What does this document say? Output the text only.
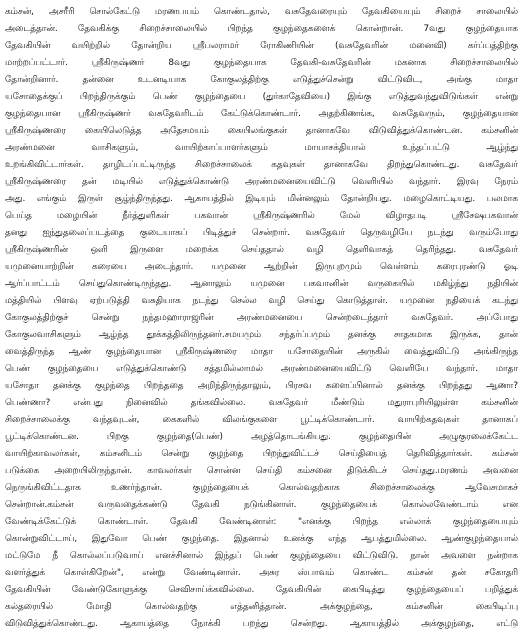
கம்சன், அசரீரி சொல்கேட்டு மரணபயம் கொண்டதால், வசுதேவரையும் தேவகியையும் சிறைச் சாலையில்
அடைத்தான். தேவகிக்கு சிறைச்சாலையில் பிறந்த குழந்தைகளைக் கொன்றான். 7வது குழந்தையாக
தேவகியின் வயிற்றில் தோன்றிய ஸ்ரீபலராமர் ரோகிணியின் (வசுதேவரின் மனைவி) கர்ப்பத்திற்கு
மாற்றப்பட்டார். ஸ்ரீகிருஷ்ணர் 8வது குழந்தையாக தேவகி-வசுதேவரின் மகனாக சிறைச்சாலையில்
தோன்றினார். தன்னை உடனடியாக கோகுலத்திற்கு எடுத்துச்சென்று விட்டுவிட, அங்கு மாதா
யசோதைக்குப் பிறந்திருக்கும் பெண் குழந்தையை (துர்காதேவியை) இங்கு எடுத்துவந்துவிடுங்கள் என்று
குழந்தையான ஸ்ரீகிருஷ்ணர் வசுதேவரிடம் கேட்டுக்கொண்டார். அதற்கிணங்க, வசுதேவரும், குழந்தையான
ஸ்ரீகிருஷ்ணரை கையிலெடுத்த அதேசமயம் கையிலங்குகள் தானாகவே விடுவித்துக்கொண்டன. கம்சனின்
அரண்மனை வாசிகளும், வாயிற்காப்பாளர்களும் மாயாசக்தியால் உந்தப்பட்டு ஆழ்ந்து
உறங்கிவிட்டார்கள். தாழிடப்பட்டிருந்த சிறைச்சாலைக் கதவுகள் தானாகவே திறந்துகொண்டது. வசுதேவர்
ஸ்ரீகிருஷ்ணரை தன் மடியில் எடுத்துக்கொண்டு அரண்மனையைவிட்டு வெளியில் வந்தார். இரவு நேரம்
அது. எங்கும் இருள் சூழ்ந்திருந்தது. ஆகாயத்தில் இடியும் மின்னலும் தோன்றியது. மழைகொட்டியது. பலமாக
பெய்த மழையின் நீர்த்துளிகள் பகவான் ஸ்ரீகிருஷ்ணரில் மேல் விழாதபடி ஸ்ரீசேஷபகவான்
தனது ஐந்துதலைப்படத்தை குடையாகப் பிடித்துச் சென்றார். வசுதேவர் தெருவழியே நடந்து வரும்போது
ஸ்ரீகிருஷ்ணரின் ஒளி இருளை மறைக்க செய்ததால் வழி தெளிவாகத் தெரிந்தது. வசுதேவர்
யமுனையாற்றின் கரையை அடைந்தார். யமுனை ஆற்றின் இருபுறமும் வெள்ளம் கரைபுரண்டு ஓடி
ஆர்ப்பாட்டம் செய்துகொண்டிருந்தது. ஆனாலும் யமுனை பகவானின் வருகையில் மகிழ்ந்து நதியின்
மத்தியில் பிளவு ஏற்படுத்தி வசுதியாக நடந்து செல்ல வழி செய்து கொடுத்தாள். யமுனை நதியைக் கடந்து
கோகுலத்திற்குச் சென்று நந்தமஹாராஜரின் அரண்மனையை சென்றடைந்தார் வசுதேவர். அப்போது
கோகுலவாசிகளும் ஆழ்ந்த தூக்கத்திலிருந்தனர்.சமயமும் சந்தர்ப்பமும் தனக்கு சாதகமாக இருக்க, தான்
வைத்திருந்த ஆண் குழந்தையான ஸ்ரீகிருஷ்ணரை மாதா யசோதையின் அருகில் வைத்துவிட்டு அங்கிருந்த
பெண் குழந்தையை எடுத்துக்கொண்டு சத்தமில்லாமல் அரண்மனையைவிட்டு வெளியே வந்தார். மாதா
யசோதா தனக்கு குழந்தை பிறந்ததை அறிந்திருந்தாலும், பிரசவ களைப்பினால் தனக்கு பிறந்தது ஆணா?
பெண்ணா? என்பது நினைவில் தங்கவில்லை. வசுதேவர் மீண்டும் மதுராபுரியிலுள்ள கம்சனின்
சிறைச்சாலைக்கு வந்தவுடன், கைகளில் விலங்குகளை பூட்டிக்கொண்டார். வாயிற்கதவுகள் தானாகப்
பூட்டிக்கொண்டன. பிறகு குழந்தை(பெண்) அழத்தொடங்கியது. குழந்தையின் அழுகுரலைக்கேட்ட
வாயிற்காவலர்கள், கம்சனிடம் சென்று குழந்தை பிறந்துவிட்டச் செய்தியைத் தெரிவித்தார்கள். கம்சன்
படுக்கை அறையிலிருந்தான். காவலர்கள் சொன்ன செய்தி கம்சனை திடுக்கிடச் செய்தது.மரணம் அவனை
நெருங்கிவிட்டதாக உணர்ந்தான். குழந்தையைக் கொல்வதற்காக சிறைச்சாலைக்கு ஆவேசமாகச்
சென்றான்.கம்சன் வருவதைக்கண்டு தேவகி நடுங்கினாள். குழந்தையைக் கொல்லவேண்டாம் என
வேண்டிக்கேட்டுக் கொண்டாள். தேவகி வேண்டினாள்: "எனக்கு பிறந்த எல்லாக் குழந்தையையும்
கொன்றுவிட்டாய், இதுவோ பெண் குழந்தை. இதனால் உனக்கு எந்த ஆபத்துமில்லை. ஆண்குழந்தையால்
மட்டுமே நீ கொல்லப்படுவாய் எனச்சினால் இந்தப் பெண் குழந்தையை விட்டுவிடு. நான் அவளை நன்றாக
வளர்த்துக் கொள்கிறேன்", என்று வேண்டினாள். அசுர ஸ்பாவம் கொண்ட கம்சன் தன் சகோதரி
தேவகியின் வேண்டுகோளுக்கு செவிசாய்க்கவில்லை. தேவகியின் கைபிடித்து குழந்தையைப் பறித்துக்
கல்தரையில் மோதி கொல்வதற்கு எத்தனித்தான். அக்குழந்தை, கம்சனின் கைபிடிப்பு
விடுவித்துக்கொண்டது. ஆகாயத்தை நோக்கி பறந்து சென்றது. ஆகாயத்தில் அக்குழந்தை, எட்டு
